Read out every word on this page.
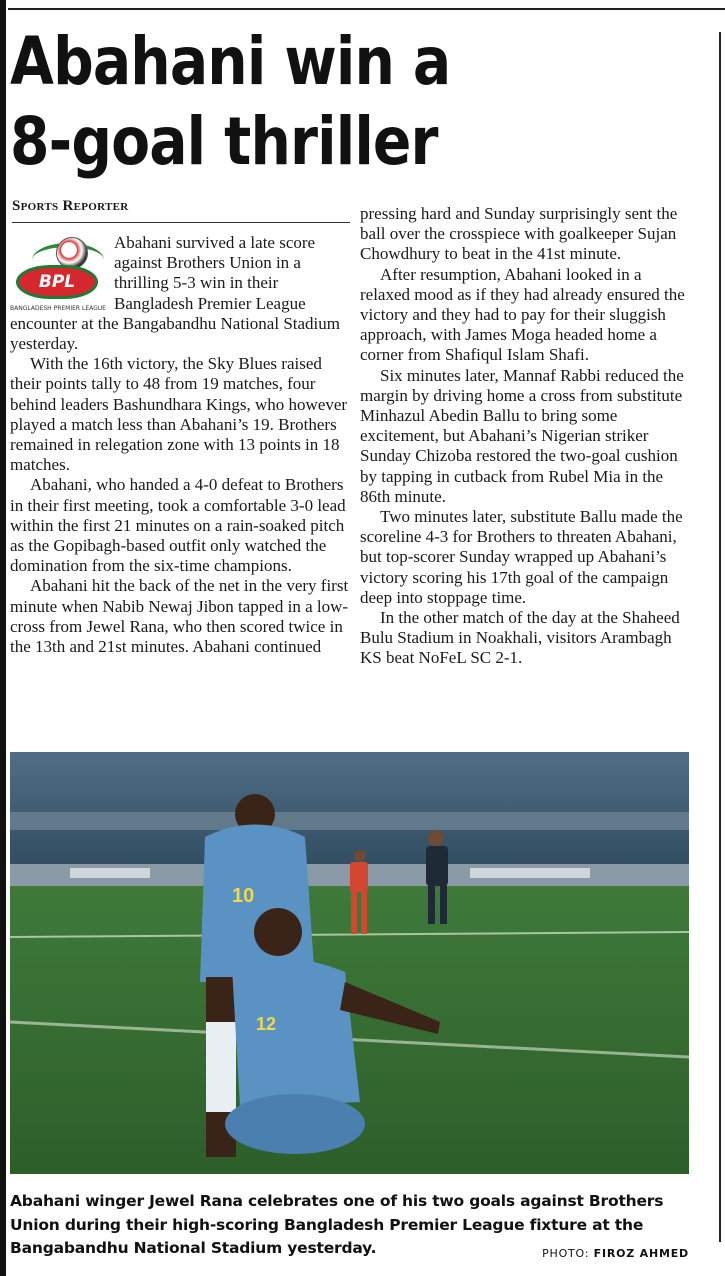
Abahani win a
8-goal thriller
Sports Reporter
BPL
BANGLADESH PREMIER LEAGUE

Abahani survived a late score against Brothers Union in a thrilling 5-3 win in their Bangladesh Premier League encounter at the Bangabandhu National Stadium yesterday.

With the 16th victory, the Sky Blues raised their points tally to 48 from 19 matches, four behind leaders Bashundhara Kings, who however played a match less than Abahani’s 19. Brothers remained in relegation zone with 13 points in 18 matches.

Abahani, who handed a 4-0 defeat to Brothers in their first meeting, took a comfortable 3-0 lead within the first 21 minutes on a rain-soaked pitch as the Gopibagh-based outfit only watched the domination from the six-time champions.

Abahani hit the back of the net in the very first minute when Nabib Newaj Jibon tapped in a low-cross from Jewel Rana, who then scored twice in the 13th and 21st minutes. Abahani continued

pressing hard and Sunday surprisingly sent the ball over the crosspiece with goalkeeper Sujan Chowdhury to beat in the 41st minute.

After resumption, Abahani looked in a relaxed mood as if they had already ensured the victory and they had to pay for their sluggish approach, with James Moga headed home a corner from Shafiqul Islam Shafi.

Six minutes later, Mannaf Rabbi reduced the margin by driving home a cross from substitute Minhazul Abedin Ballu to bring some excitement, but Abahani’s Nigerian striker Sunday Chizoba restored the two-goal cushion by tapping in cutback from Rubel Mia in the 86th minute.

Two minutes later, substitute Ballu made the scoreline 4-3 for Brothers to threaten Abahani, but top-scorer Sunday wrapped up Abahani’s victory scoring his 17th goal of the campaign deep into stoppage time.

In the other match of the day at the Shaheed Bulu Stadium in Noakhali, visitors Arambagh KS beat NoFeL SC 2-1.

10
12
Abahani winger Jewel Rana celebrates one of his two goals against Brothers Union during their high-scoring Bangladesh Premier League fixture at the Bangabandhu National Stadium yesterday.	PHOTO: FIROZ AHMED
